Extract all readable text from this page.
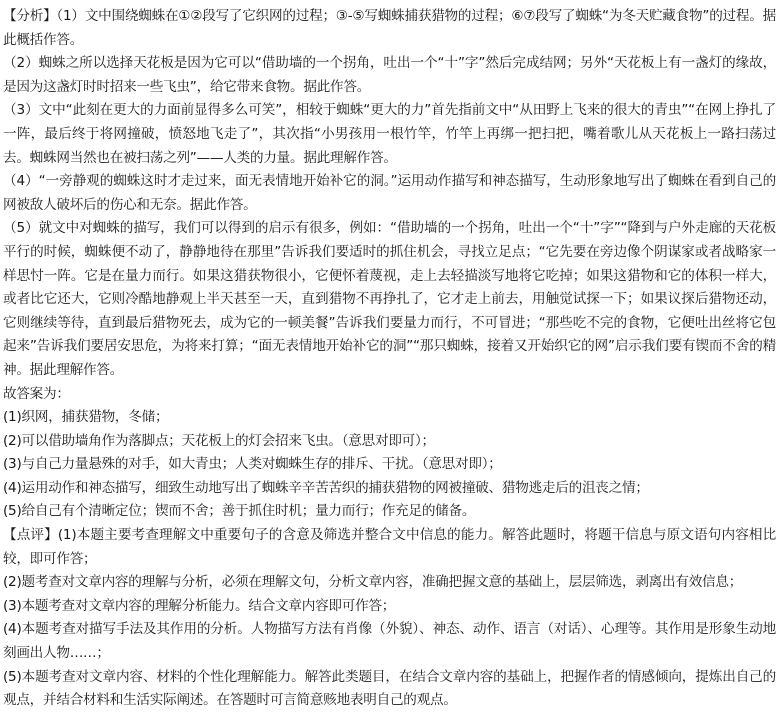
【分析】（1）文中围绕蜘蛛在①②段写了它织网的过程；③-⑤写蜘蛛捕获猎物的过程；⑥⑦段写了蜘蛛“为冬天贮藏食物”的过程。据此概括作答。

（2）蜘蛛之所以选择天花板是因为它可以“借助墙的一个拐角，吐出一个“十”字”然后完成结网；另外“天花板上有一盏灯的缘故，是因为这盏灯时时招来一些飞虫”，给它带来食物。据此作答。

（3）文中“此刻在更大的力面前显得多么可笑”，相较于蜘蛛“更大的力”首先指前文中“从田野上飞来的很大的青虫”“在网上挣扎了一阵，最后终于将网撞破，愤怒地飞走了”，其次指“小男孩用一根竹竿，竹竿上再绑一把扫把，嘴着歌儿从天花板上一路扫荡过去。蜘蛛网当然也在被扫荡之列”——人类的力量。据此理解作答。

（4）“一旁静观的蜘蛛这时才走过来，面无表情地开始补它的洞。”运用动作描写和神态描写，生动形象地写出了蜘蛛在看到自己的网被敌人破坏后的伤心和无奈。据此作答。

（5）就文中对蜘蛛的描写，我们可以得到的启示有很多，例如：“借助墙的一个拐角，吐出一个“十”字”“降到与户外走廊的天花板平行的时候，蜘蛛便不动了，静静地待在那里”告诉我们要适时的抓住机会，寻找立足点；“它先要在旁边像个阴谋家或者战略家一样思忖一阵。它是在量力而行。如果这猎获物很小，它便怀着蔑视，走上去轻描淡写地将它吃掉；如果这猎物和它的体积一样大，或者比它还大，它则冷酷地静观上半天甚至一天，直到猎物不再挣扎了，它才走上前去，用触觉试探一下；如果议探后猎物还动，它则继续等待，直到最后猎物死去，成为它的一顿美餐”告诉我们要量力而行，不可冒进；“那些吃不完的食物，它便吐出丝将它包起来”告诉我们要居安思危，为将来打算；“面无表情地开始补它的洞”“那只蜘蛛，接着又开始织它的网”启示我们要有锲而不舍的精神。据此理解作答。

故答案为：

(1)织网，捕获猎物，冬储；

(2)可以借助墙角作为落脚点；天花板上的灯会招来飞虫。（意思对即可）；

(3)与自己力量悬殊的对手，如大青虫；人类对蜘蛛生存的排斥、干扰。（意思对即）；

(4)运用动作和神态描写，细致生动地写出了蜘蛛辛辛苦苦织的捕获猎物的网被撞破、猎物逃走后的沮丧之情；

(5)给自己有个清晰定位；锲而不舍；善于抓住时机；量力而行；作充足的储备。

【点评】(1)本题主要考查理解文中重要句子的含意及筛选并整合文中信息的能力。解答此题时，将题干信息与原文语句内容相比较，即可作答；

(2)题考查对文章内容的理解与分析，必须在理解文句，分析文章内容，准确把握文意的基础上，层层筛选，剥离出有效信息；

(3)本题考查对文章内容的理解分析能力。结合文章内容即可作答；

(4)本题考查对描写手法及其作用的分析。人物描写方法有肖像（外貌）、神态、动作、语言（对话）、心理等。其作用是形象生动地刻画出人物……；

(5)本题考查对文章内容、材料的个性化理解能力。解答此类题目，在结合文章内容的基础上，把握作者的情感倾向，提炼出自己的观点，并结合材料和生活实际阐述。在答题时可言简意赅地表明自己的观点。
